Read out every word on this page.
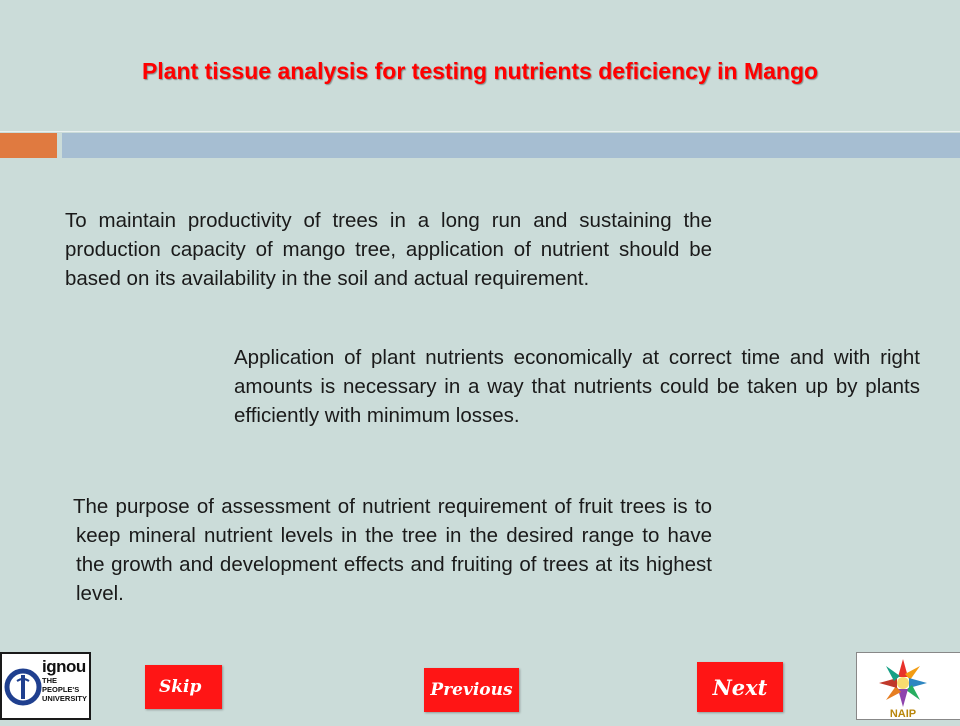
Plant tissue analysis for testing nutrients deficiency in Mango
To maintain productivity of trees in a long run and sustaining the production capacity of mango tree, application of nutrient should be based on its availability in the soil and actual requirement.
Application of plant nutrients economically at correct time and with right amounts is necessary in a way that nutrients could be taken up by plants efficiently with minimum losses.
The purpose of assessment of nutrient requirement of fruit trees is to keep mineral nutrient levels in the tree in the desired range to have the growth and development effects and fruiting of trees at its highest level.
ignou
THE PEOPLE'S
UNIVERSITY
Skip	Previous	Next
NAIP
